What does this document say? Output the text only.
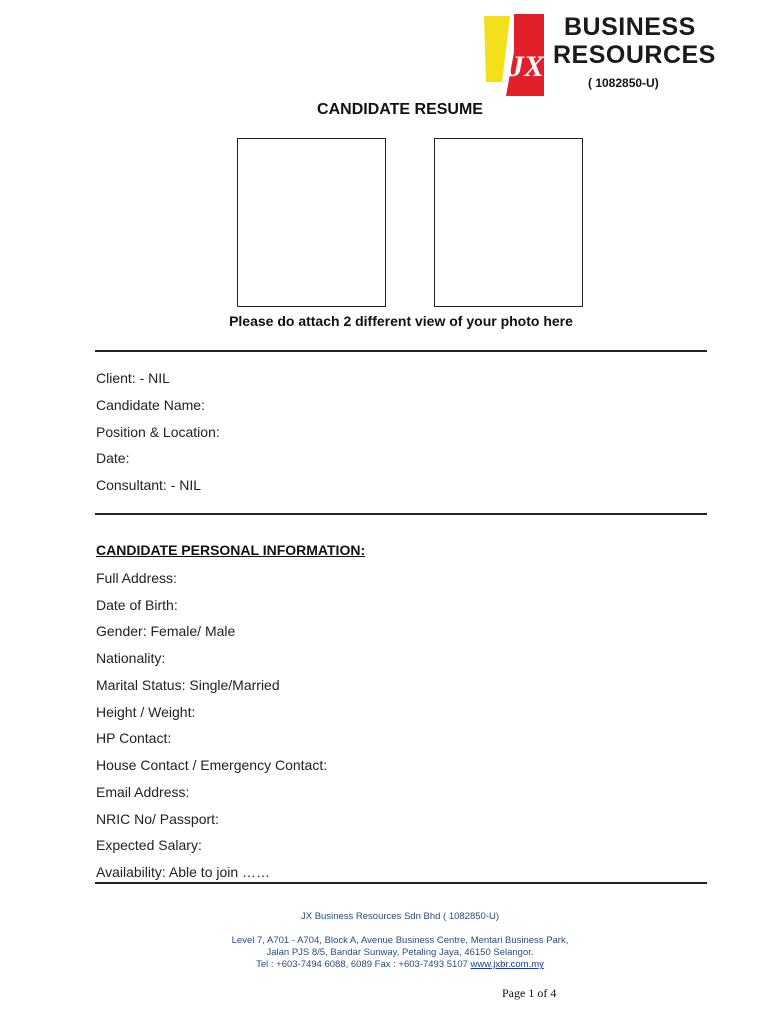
JX
BUSINESS
RESOURCES
( 1082850-U)
CANDIDATE RESUME
Please do attach 2 different view of your photo here
Client: - NIL
Candidate Name:
Position & Location:
Date:
Consultant: - NIL
CANDIDATE PERSONAL INFORMATION:
Full Address:
Date of Birth:
Gender: Female/ Male
Nationality:
Marital Status: Single/Married
Height / Weight:
HP Contact:
House Contact / Emergency Contact:
Email Address:
NRIC No/ Passport:
Expected Salary:
Availability: Able to join ……
JX Business Resources Sdn Bhd ( 1082850-U)
Level 7, A701 - A704, Block A, Avenue Business Centre, Mentari Business Park,
Jalan PJS 8/5, Bandar Sunway, Petaling Jaya, 46150 Selangor.
Tel : +603-7494 6088, 6089 Fax : +603-7493 5107 www.jxbr.com.my
Page 1 of 4
